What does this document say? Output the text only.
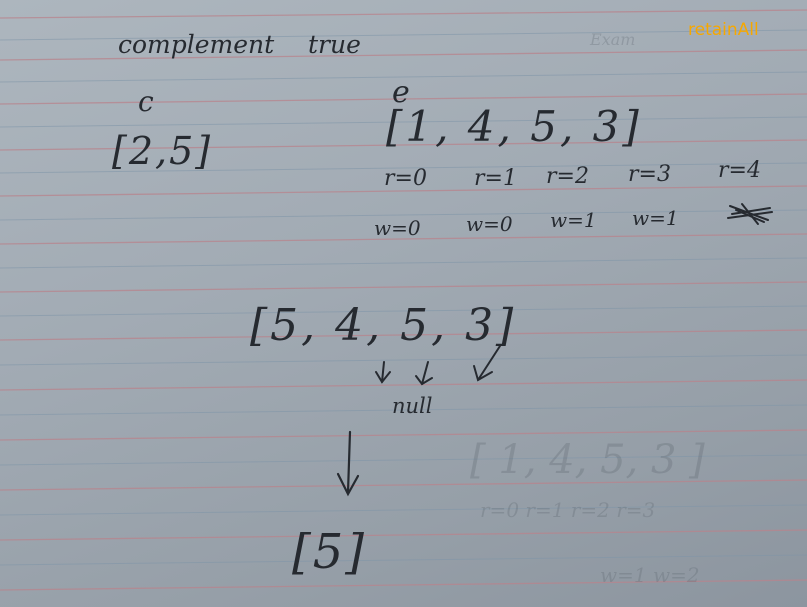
Exam
[ 1, 4, 5, 3 ]
r=0 r=1 r=2 r=3
w=1 w=2

retainAll

complement true

c	e

[2,5]	[1, 4, 5, 3]

r=0 r=1 r=2 r=3 r=4

w=0 w=0 w=1 w=1

[5, 4, 5, 3]

null

[5]
